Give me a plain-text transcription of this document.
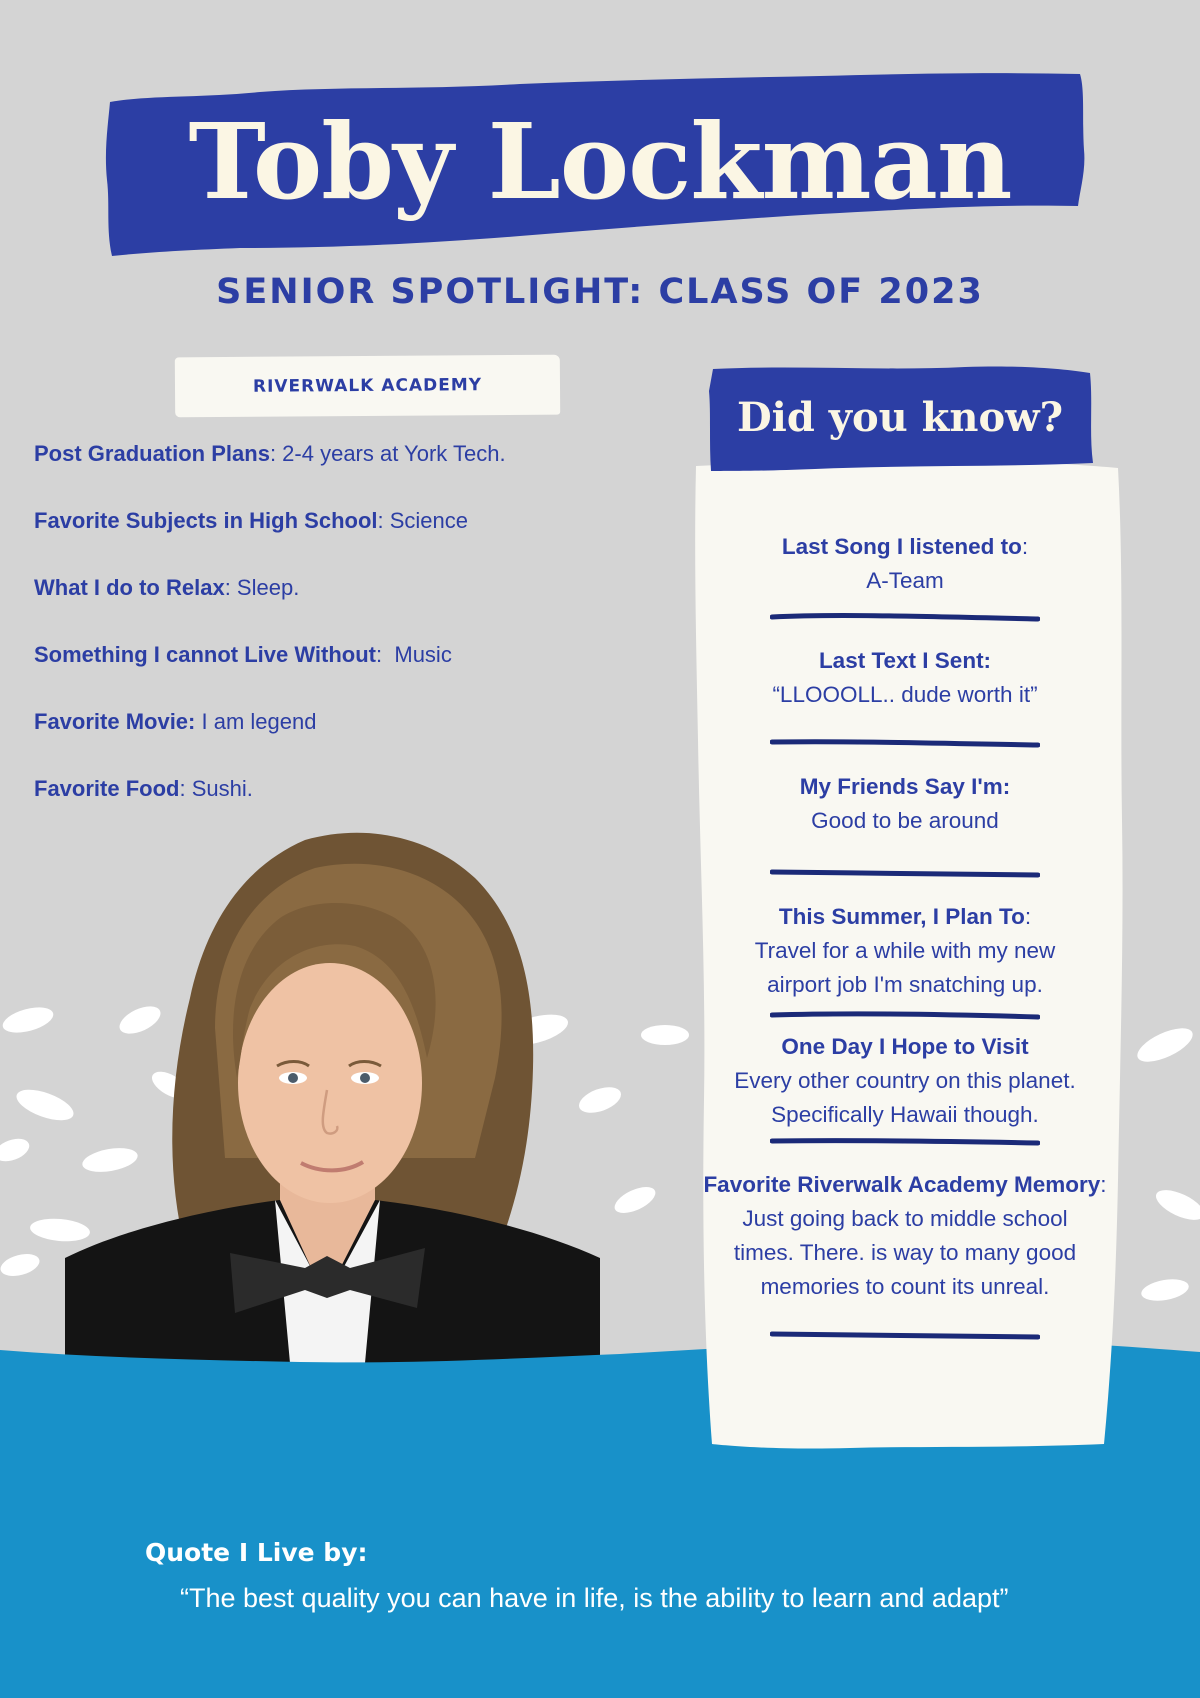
Toby Lockman
SENIOR SPOTLIGHT: CLASS OF 2023
RIVERWALK ACADEMY
Post Graduation Plans: 2-4 years at York Tech.
Favorite Subjects in High School: Science
What I do to Relax: Sleep.
Something I cannot Live Without:  Music
Favorite Movie: I am legend
Favorite Food: Sushi.
Did you know?
Last Song I listened to:
A-Team
Last Text I Sent:
“LLOOOLL.. dude worth it”
My Friends Say I'm:
Good to be around
This Summer, I Plan To:
Travel for a while with my new
airport job I'm snatching up.
One Day I Hope to Visit
Every other country on this planet.
Specifically Hawaii though.
Favorite Riverwalk Academy Memory:
Just going back to middle school
times. There. is way to many good
memories to count its unreal.
Quote I Live by:
“The best quality you can have in life, is the ability to learn and adapt”
